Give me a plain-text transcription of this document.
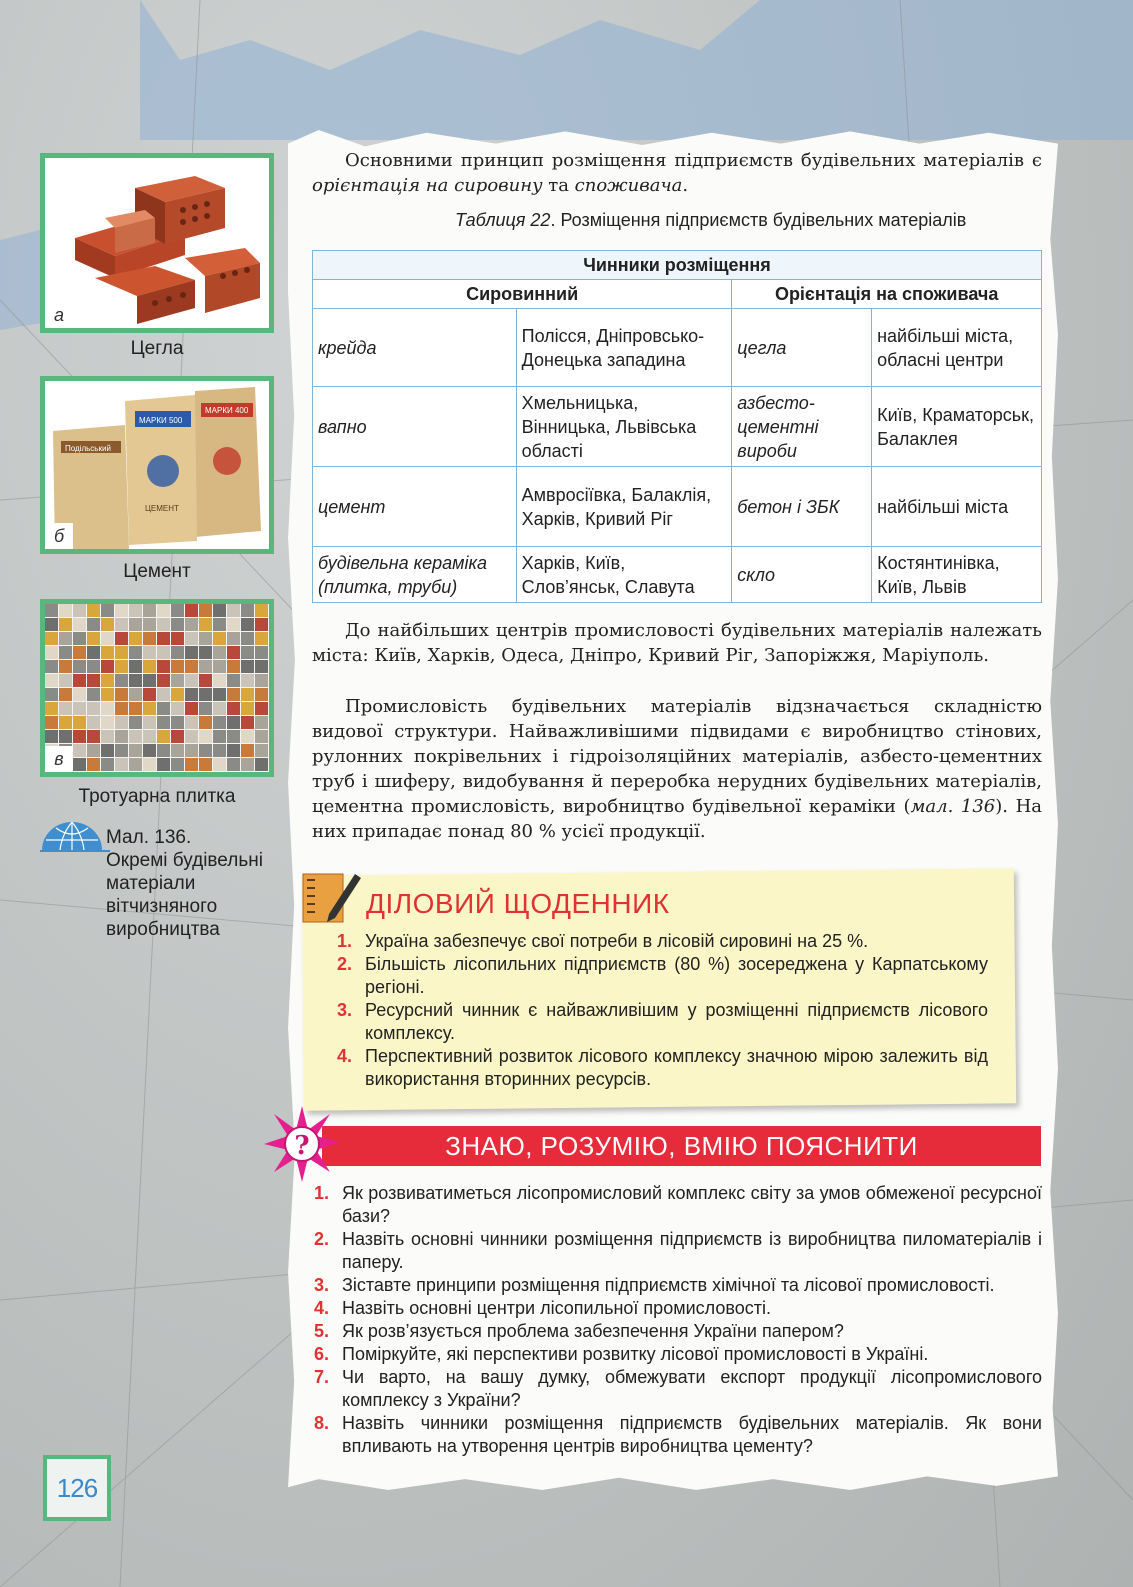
Основними принцип розміщення підприємств будівельних матеріалів є орієнтація на сировину та споживача.
Таблиця 22. Розміщення підприємств будівельних матеріалів
Чинники розміщення			
Сировинний		Орієнтація на споживача	
крейда	Полісся, Дніпровсько-Донецька западина	цегла	найбільші міста, обласні центри
вапно	Хмельницька, Вінницька, Львівська області	азбесто-цементні вироби	Київ, Краматорськ, Балаклея
цемент	Амвросіївка, Балаклія, Харків, Кривий Ріг	бетон і ЗБК	найбільші міста
будівельна кераміка (плитка, труби)	Харків, Київ, Слов’янськ, Славута	скло	Костянтинівка, Київ, Львів
До найбільших центрів промисловості будівельних матеріалів належать міста: Київ, Харків, Одеса, Дніпро, Кривий Ріг, Запоріжжя, Маріуполь.
Промисловість будівельних матеріалів відзначається складністю видової структури. Найважливішими підвидами є виробництво стінових, рулонних покрівельних і гідроізоляційних матеріалів, азбесто-цементних труб і шиферу, видобування й переробка нерудних будівельних матеріалів, цементна промисловість, виробництво будівельної кераміки (мал. 136). На них припадає понад 80 % усієї продукції.
а
Цегла
МАРКИ 500
МАРКИ 400
Подільський
ЦЕМЕНТ
б
Цемент
в
Тротуарна плитка
Мал. 136.
Окремі будівельні
матеріали
вітчизняного
виробництва
ДІЛОВИЙ ЩОДЕННИК
1. Україна забезпечує свої потреби в лісовій сировині на 25 %.
2. Більшість лісопильних підприємств (80 %) зосереджена у Карпатському регіоні.
3. Ресурсний чинник є найважливішим у розміщенні підприємств лісового комплексу.
4. Перспективний розвиток лісового комплексу значною мірою залежить від використання вторинних ресурсів.
ЗНАЮ, РОЗУМІЮ, ВМІЮ ПОЯСНИТИ
?
1. Як розвиватиметься лісопромисловий комплекс світу за умов обмеженої ресурсної бази?
2. Назвіть основні чинники розміщення підприємств із виробництва пиломатеріалів і паперу.
3. Зіставте принципи розміщення підприємств хімічної та лісової промисловості.
4. Назвіть основні центри лісопильної промисловості.
5. Як розв’язується проблема забезпечення України папером?
6. Поміркуйте, які перспективи розвитку лісової промисловості в Україні.
7. Чи варто, на вашу думку, обмежувати експорт продукції лісопромислового комплексу з України?
8. Назвіть чинники розміщення підприємств будівельних матеріалів. Як вони впливають на утворення центрів виробництва цементу?
126
